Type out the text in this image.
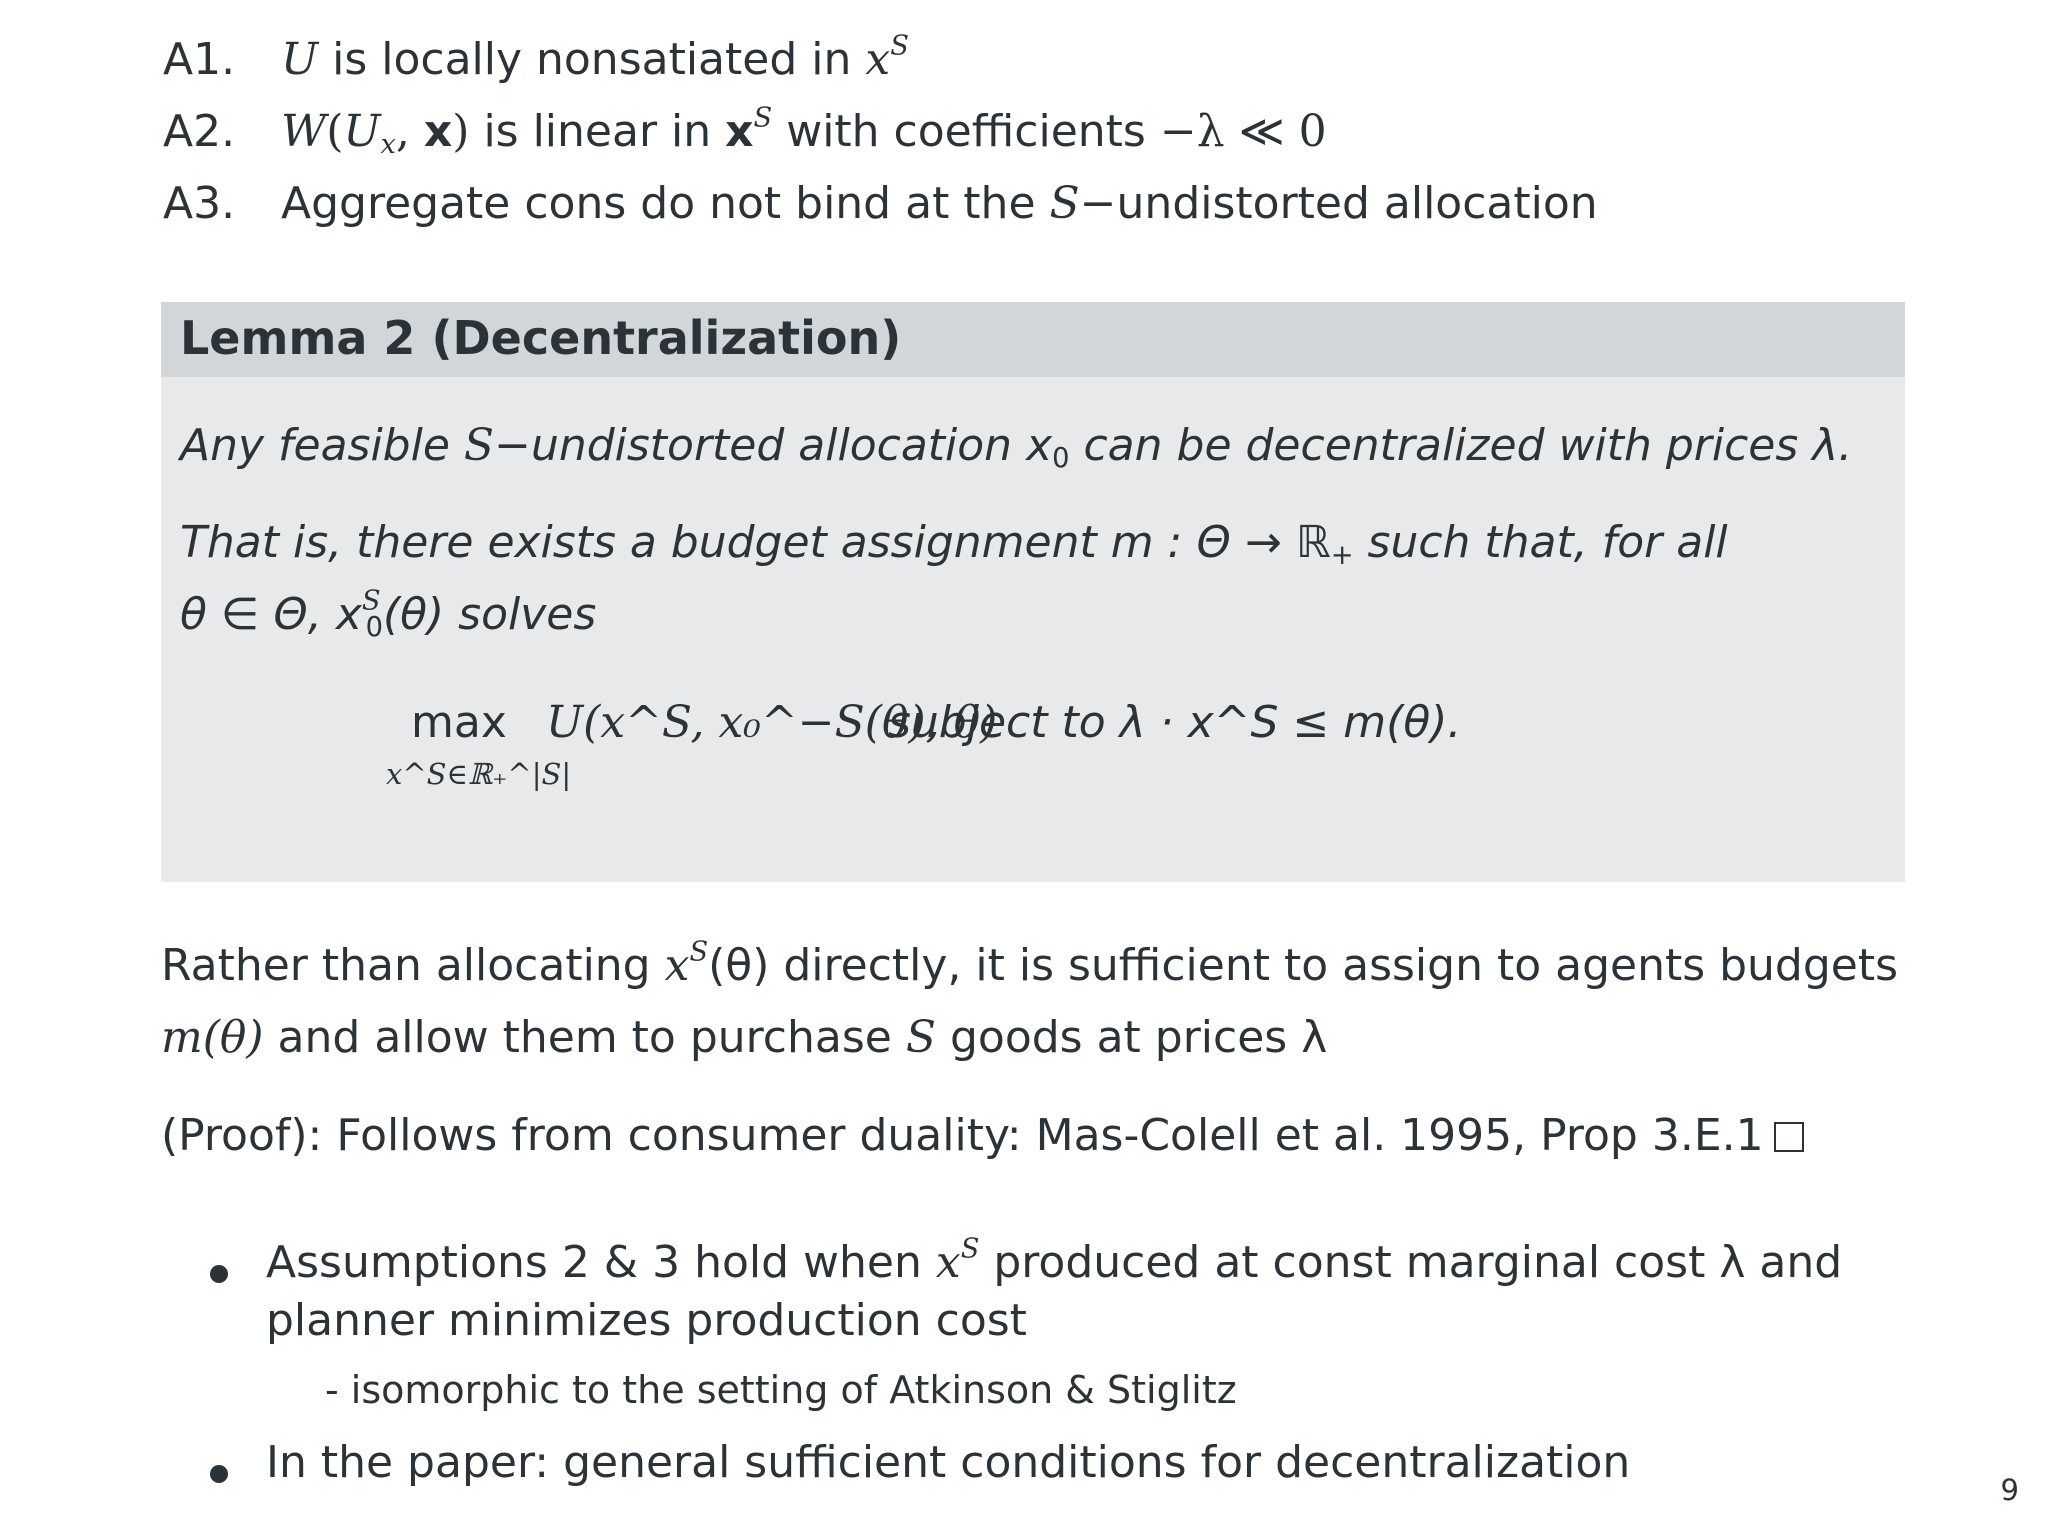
A1. U is locally nonsatiated in $x^S$
A2. $W(U_x$, x) is linear in $x^S$ with coefficients −λ ≪ 0
A3. Aggregate cons do not bind at the S−undistorted allocation
Lemma 2 (Decentralization)
Any feasible S−undistorted allocation $x_0$ can be decentralized with prices λ.
That is, there exists a budget assignment m : Θ → ℝ$_+$ such that, for all
θ ∈ Θ, $x^S_0(\theta)$ solves
max
x^S∈ℝ₊^|S|
U(x^S, x₀^−S(θ), θ)
subject to λ · x^S ≤ m(θ).
Rather than allocating $x^S(\theta)$ directly, it is sufficient to assign to agents budgets
m(θ) and allow them to purchase S goods at prices λ
(Proof): Follows from consumer duality: Mas-Colell et al. 1995, Prop 3.E.1
Assumptions 2 & 3 hold when $x^S$ produced at const marginal cost λ and
planner minimizes production cost
- isomorphic to the setting of Atkinson & Stiglitz
In the paper: general sufficient conditions for decentralization
9
